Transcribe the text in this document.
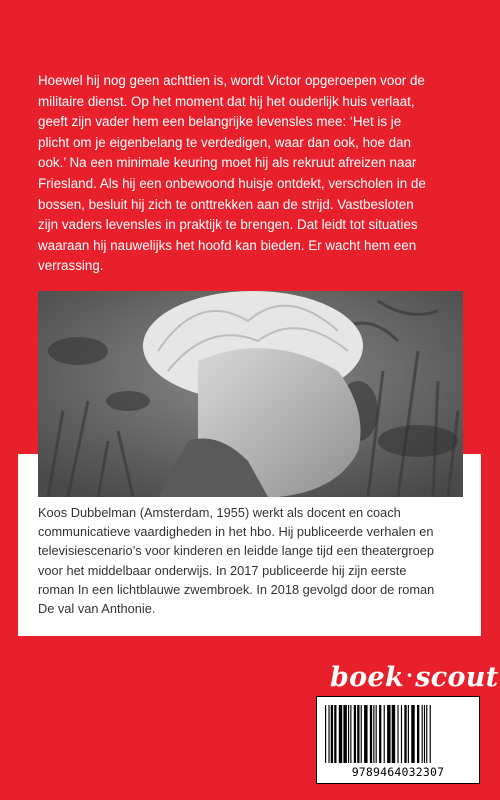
Hoewel hij nog geen achttien is, wordt Victor opgeroepen voor de
militaire dienst. Op het moment dat hij het ouderlijk huis verlaat,
geeft zijn vader hem een belangrijke levensles mee: ‘Het is je
plicht om je eigenbelang te verdedigen, waar dan ook, hoe dan
ook.’ Na een minimale keuring moet hij als rekruut afreizen naar
Friesland. Als hij een onbewoond huisje ontdekt, verscholen in de
bossen, besluit hij zich te onttrekken aan de strijd. Vastbesloten
zijn vaders levensles in praktijk te brengen. Dat leidt tot situaties
waaraan hij nauwelijks het hoofd kan bieden. Er wacht hem een
verrassing.
Koos Dubbelman (Amsterdam, 1955) werkt als docent en coach
communicatieve vaardigheden in het hbo. Hij publiceerde verhalen en
televisiescenario’s voor kinderen en leidde lange tijd een theatergroep
voor het middelbaar onderwijs. In 2017 publiceerde hij zijn eerste
roman In een lichtblauwe zwembroek. In 2018 gevolgd door de roman
De val van Anthonie.
boek ·scout
9789464032307
